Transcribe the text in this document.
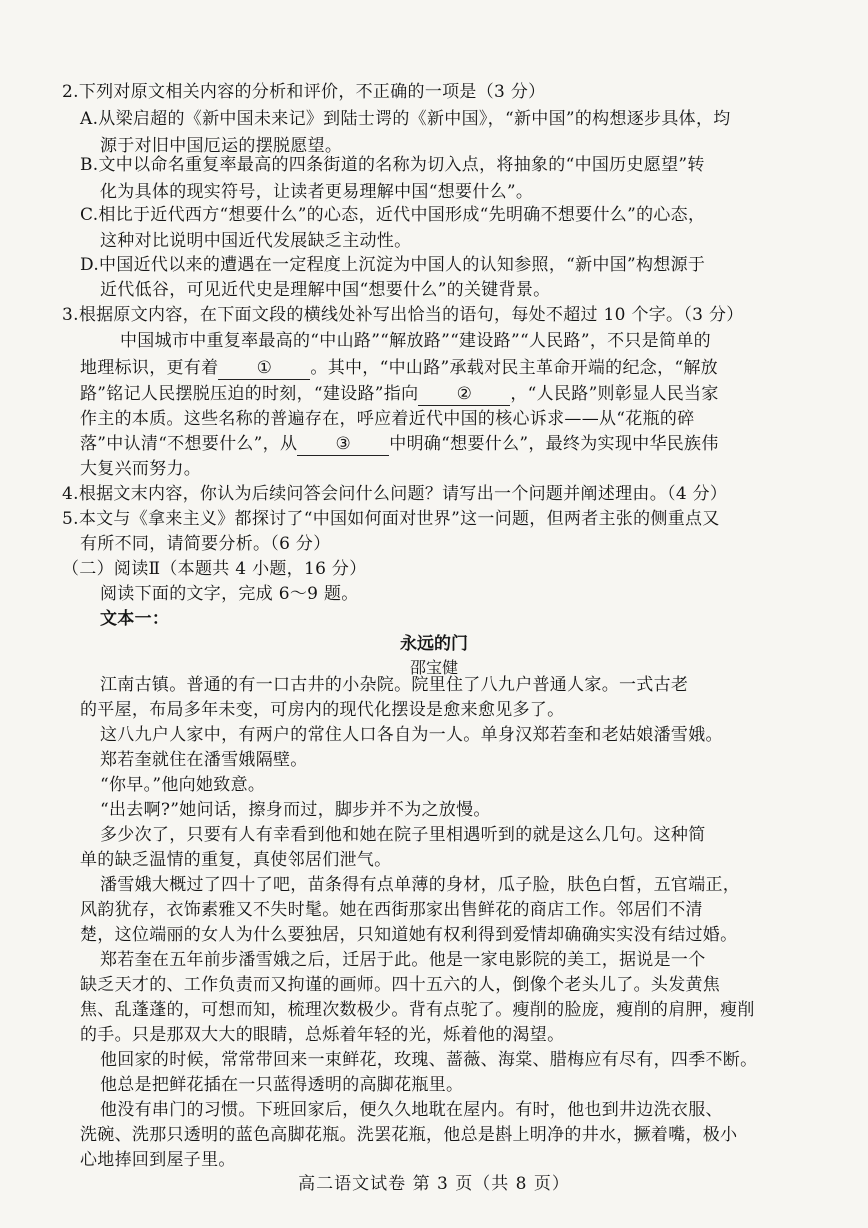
2.下列对原文相关内容的分析和评价，不正确的一项是（3 分）
A.从梁启超的《新中国未来记》到陆士谔的《新中国》，“新中国”的构想逐步具体，均
源于对旧中国厄运的摆脱愿望。
B.文中以命名重复率最高的四条街道的名称为切入点，将抽象的“中国历史愿望”转
化为具体的现实符号，让读者更易理解中国“想要什么”。
C.相比于近代西方“想要什么”的心态，近代中国形成“先明确不想要什么”的心态，
这种对比说明中国近代发展缺乏主动性。
D.中国近代以来的遭遇在一定程度上沉淀为中国人的认知参照，“新中国”构想源于
近代低谷，可见近代史是理解中国“想要什么”的关键背景。
3.根据原文内容，在下面文段的横线处补写出恰当的语句，每处不超过 10 个字。（3 分）
中国城市中重复率最高的“中山路”“解放路”“建设路”“人民路”，不只是简单的
地理标识，更有着 ① 。其中，“中山路”承载对民主革命开端的纪念，“解放
路”铭记人民摆脱压迫的时刻，“建设路”指向 ② ，“人民路”则彰显人民当家
作主的本质。这些名称的普遍存在，呼应着近代中国的核心诉求——从“花瓶的碎
落”中认清“不想要什么”，从 ③ 中明确“想要什么”，最终为实现中华民族伟
大复兴而努力。
4.根据文末内容，你认为后续问答会问什么问题？请写出一个问题并阐述理由。（4 分）
5.本文与《拿来主义》都探讨了“中国如何面对世界”这一问题，但两者主张的侧重点又
有所不同，请简要分析。（6 分）
（二）阅读Ⅱ（本题共 4 小题，16 分）
阅读下面的文字，完成 6～9 题。
文本一：
永远的门
邵宝健
江南古镇。普通的有一口古井的小杂院。院里住了八九户普通人家。一式古老
的平屋，布局多年未变，可房内的现代化摆设是愈来愈见多了。
这八九户人家中，有两户的常住人口各自为一人。单身汉郑若奎和老姑娘潘雪娥。
郑若奎就住在潘雪娥隔壁。
“你早。”他向她致意。
“出去啊?”她问话，擦身而过，脚步并不为之放慢。
多少次了，只要有人有幸看到他和她在院子里相遇听到的就是这么几句。这种简
单的缺乏温情的重复，真使邻居们泄气。
潘雪娥大概过了四十了吧，苗条得有点单薄的身材，瓜子脸，肤色白皙，五官端正，
风韵犹存，衣饰素雅又不失时髦。她在西街那家出售鲜花的商店工作。邻居们不清
楚，这位端丽的女人为什么要独居，只知道她有权利得到爱情却确确实实没有结过婚。
郑若奎在五年前步潘雪娥之后，迁居于此。他是一家电影院的美工，据说是一个
缺乏天才的、工作负责而又拘谨的画师。四十五六的人，倒像个老头儿了。头发黄焦
焦、乱蓬蓬的，可想而知，梳理次数极少。背有点驼了。瘦削的脸庞，瘦削的肩胛，瘦削
的手。只是那双大大的眼睛，总烁着年轻的光，烁着他的渴望。
他回家的时候，常常带回来一束鲜花，玫瑰、蔷薇、海棠、腊梅应有尽有，四季不断。
他总是把鲜花插在一只蓝得透明的高脚花瓶里。
他没有串门的习惯。下班回家后，便久久地耽在屋内。有时，他也到井边洗衣服、
洗碗、洗那只透明的蓝色高脚花瓶。洗罢花瓶，他总是斟上明净的井水，撅着嘴，极小
高二语文试卷 第 3 页（共 8 页）
心地捧回到屋子里。
